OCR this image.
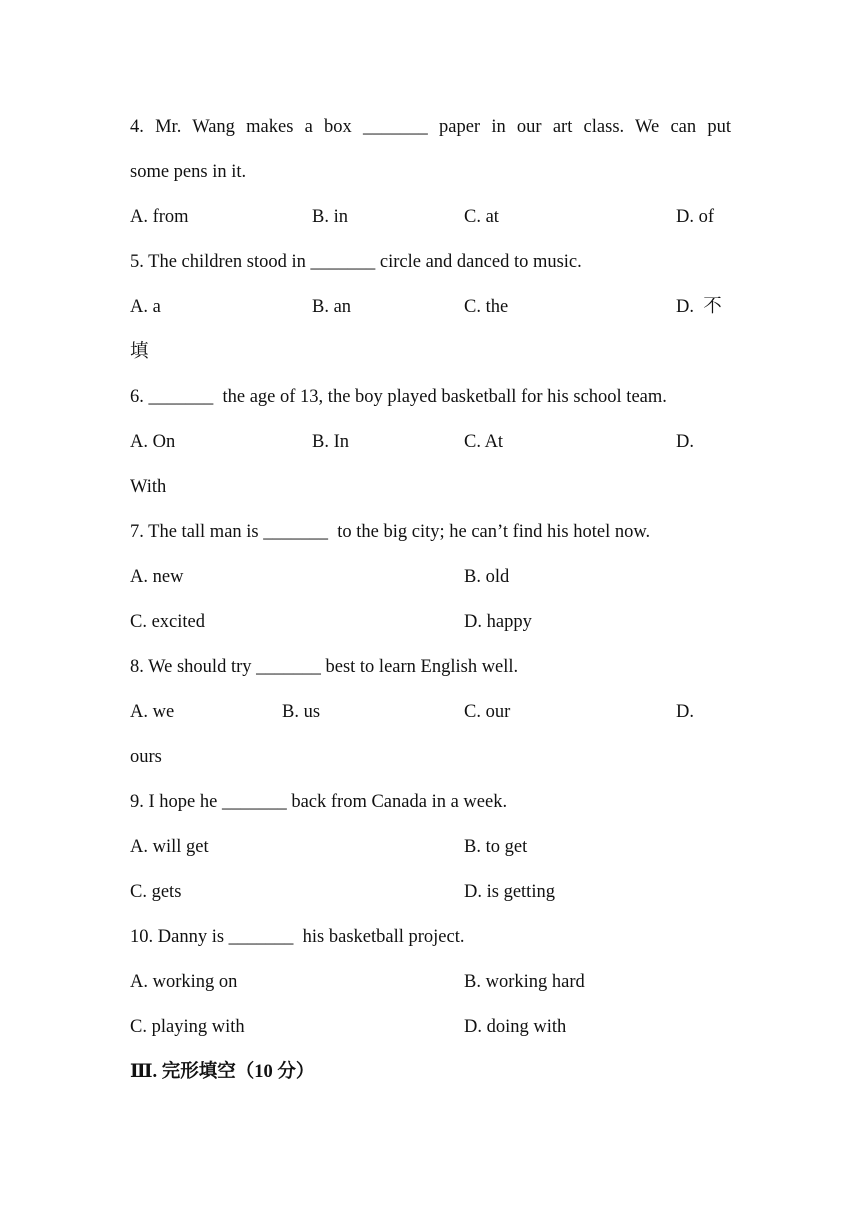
4. Mr. Wang makes a box _______ paper in our art class. We can put
some pens in it.
A. from	B. in	C. at	D. of
5. The children stood in _______ circle and danced to music.
A. a	B. an	C. the	D.  不
填
6. _______  the age of 13, the boy played basketball for his school team.
A. On	B. In	C. At	D.
With
7. The tall man is _______  to the big city; he can’t find his hotel now.
A. new	B. old
C. excited	D. happy
8. We should try _______ best to learn English well.
A. we	B. us	C. our	D.
ours
9. I hope he _______ back from Canada in a week.
A. will get	B. to get
C. gets	D. is getting
10. Danny is _______  his basketball project.
A. working on	B. working hard
C. playing with	D. doing with
Ⅲ. 完形填空（10 分）
